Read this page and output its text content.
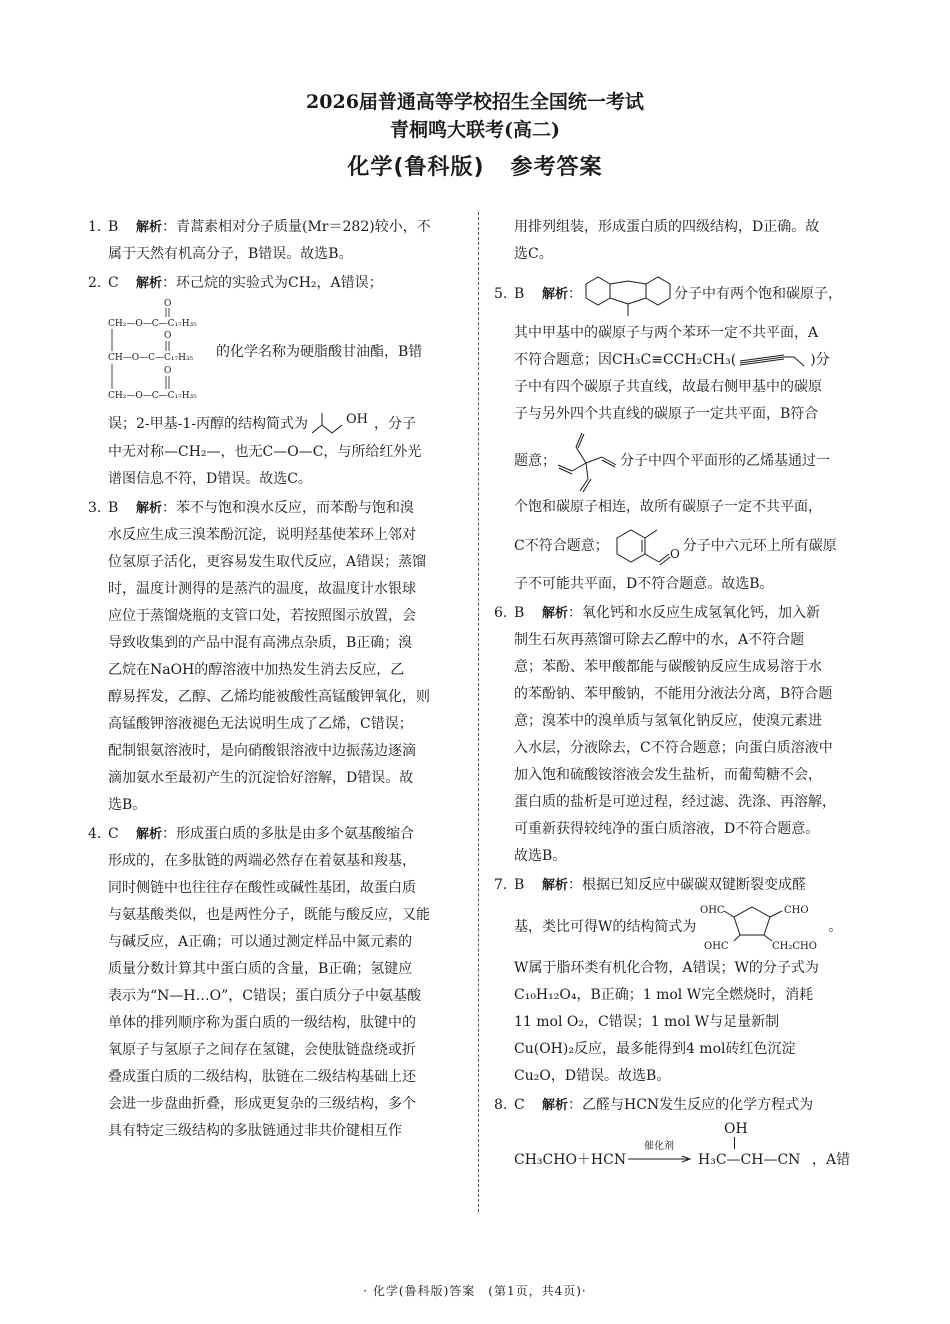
2026届普通高等学校招生全国统一考试
青桐鸣大联考(高二)
化学(鲁科版) 参考答案
1. B 解析：青蒿素相对分子质量(Mr＝282)较小，不
属于天然有机高分子，B错误。故选B。
2. C 解析：环己烷的实验式为CH₂，A错误；
O
CH₂—O—C—C₁₇H₃₅
O
CH—O—C—C₁₇H₃₅
O
CH₂—O—C—C₁₇H₃₅
的化学名称为硬脂酸甘油酯，B错
误；2-甲基-1-丙醇的结构简式为	OH ，分子
中无对称—CH₂—，也无C—O—C，与所给红外光
谱图信息不符，D错误。故选C。
3. B 解析：苯不与饱和溴水反应，而苯酚与饱和溴
水反应生成三溴苯酚沉淀，说明羟基使苯环上邻对
位氢原子活化，更容易发生取代反应，A错误；蒸馏
时，温度计测得的是蒸汽的温度，故温度计水银球
应位于蒸馏烧瓶的支管口处，若按照图示放置，会
导致收集到的产品中混有高沸点杂质，B正确；溴
乙烷在NaOH的醇溶液中加热发生消去反应，乙
醇易挥发，乙醇、乙烯均能被酸性高锰酸钾氧化，则
高锰酸钾溶液褪色无法说明生成了乙烯，C错误；
配制银氨溶液时，是向硝酸银溶液中边振荡边逐滴
滴加氨水至最初产生的沉淀恰好溶解，D错误。故
选B。
4. C 解析：形成蛋白质的多肽是由多个氨基酸缩合
形成的，在多肽链的两端必然存在着氨基和羧基，
同时侧链中也往往存在酸性或碱性基团，故蛋白质
与氨基酸类似，也是两性分子，既能与酸反应，又能
与碱反应，A正确；可以通过测定样品中氮元素的
质量分数计算其中蛋白质的含量，B正确；氢键应
表示为“N—H…O”，C错误；蛋白质分子中氨基酸
单体的排列顺序称为蛋白质的一级结构，肽键中的
氧原子与氢原子之间存在氢键，会使肽链盘绕或折
叠成蛋白质的二级结构，肽链在二级结构基础上还
会进一步盘曲折叠，形成更复杂的三级结构，多个
具有特定三级结构的多肽链通过非共价键相互作
用排列组装，形成蛋白质的四级结构，D正确。故
选C。
5. B 解析：	分子中有两个饱和碳原子，
其中甲基中的碳原子与两个苯环一定不共平面，A
不符合题意；因CH₃C≡CCH₂CH₃(	)分
子中有四个碳原子共直线，故最右侧甲基中的碳原
子与另外四个共直线的碳原子一定共平面，B符合
题意；	分子中四个平面形的乙烯基通过一
个饱和碳原子相连，故所有碳原子一定不共平面，
C不符合题意；
O
分子中六元环上所有碳原
子不可能共平面，D不符合题意。故选B。
6. B 解析：氧化钙和水反应生成氢氧化钙，加入新
制生石灰再蒸馏可除去乙醇中的水，A不符合题
意；苯酚、苯甲酸都能与碳酸钠反应生成易溶于水
的苯酚钠、苯甲酸钠，不能用分液法分离，B符合题
意；溴苯中的溴单质与氢氧化钠反应，使溴元素进
入水层，分液除去，C不符合题意；向蛋白质溶液中
加入饱和硫酸铵溶液会发生盐析，而葡萄糖不会，
蛋白质的盐析是可逆过程，经过滤、洗涤、再溶解，
可重新获得较纯净的蛋白质溶液，D不符合题意。
故选B。
7. B 解析：根据已知反应中碳碳双键断裂变成醛
基，类比可得W的结构简式为
OHC	CHO
OHC	CH₂CHO
。
W属于脂环类有机化合物，A错误；W的分子式为
C₁₀H₁₂O₄，B正确；1 mol W完全燃烧时，消耗
11 mol O₂，C错误；1 mol W与足量新制
Cu(OH)₂反应，最多能得到4 mol砖红色沉淀
Cu₂O，D错误。故选B。
8. C 解析：乙醛与HCN发生反应的化学方程式为
OH
CH₃CHO＋HCN
催化剂
H₃C—CH—CN ，A错
· 化学(鲁科版)答案　(第1页，共4页)·
